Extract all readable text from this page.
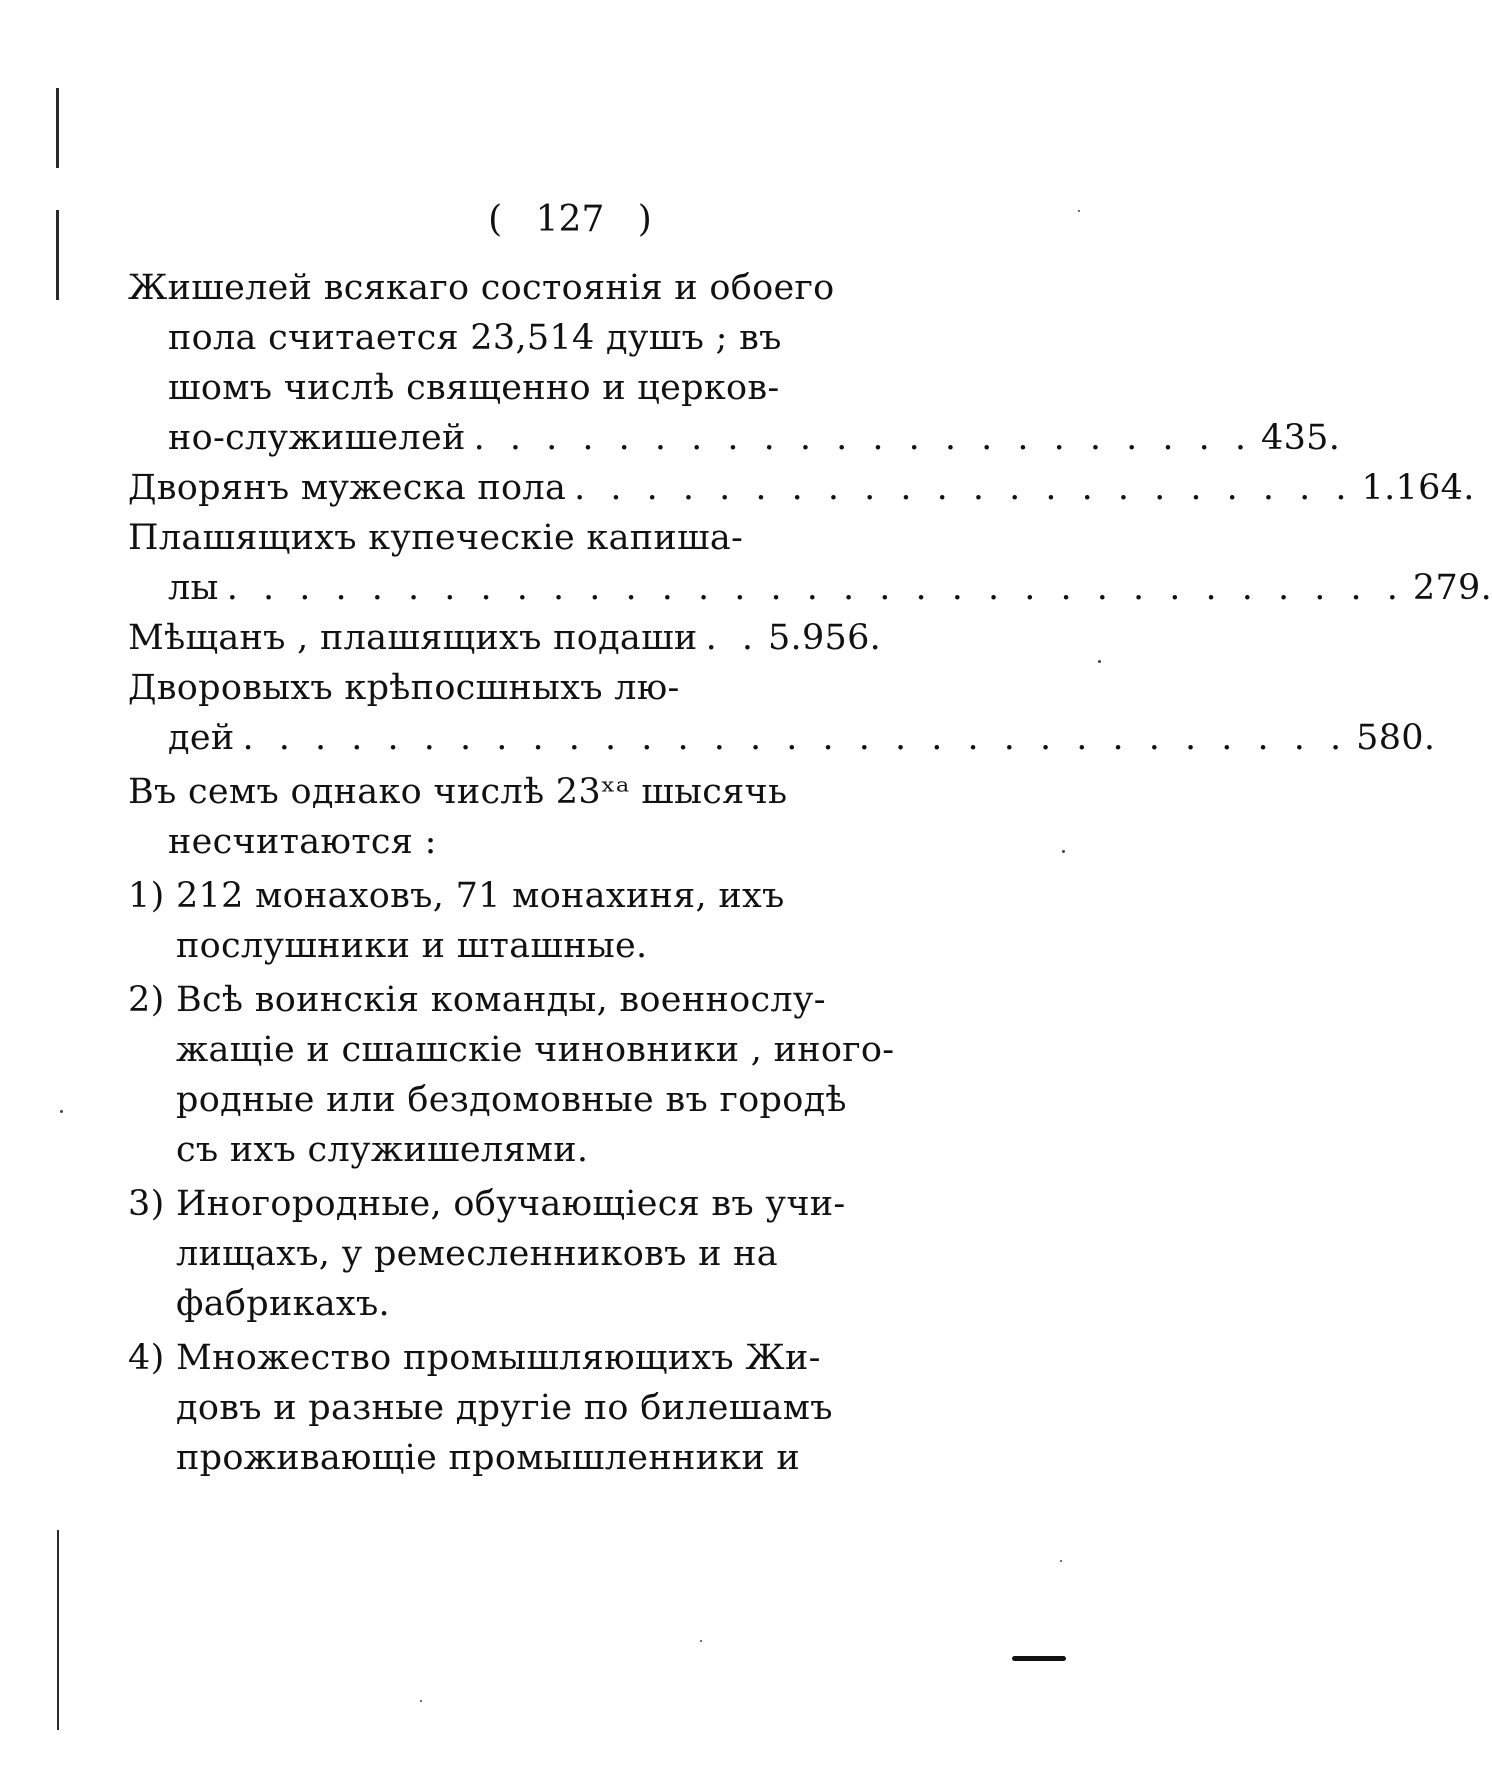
( 127 )
Жишелей всякаго состоянія и обоего
пола считается 23,514 душъ ; въ
шомъ числѣ священно и церков-
но-служишелей . . . . . . . . . . . . . . . . . . . . . . 435.
Дворянъ мужеска пола . . . . . . . . . . . . . . . . . . . . . . 1.164.
Плашящихъ купеческіе капиша-
лы . . . . . . . . . . . . . . . . . . . . . . . . . . . . . . . . . 279.
Мѣщанъ , плашящихъ подаши . . 5.956.
Дворовыхъ крѣпосшныхъ лю-
дей . . . . . . . . . . . . . . . . . . . . . . . . . . . . . . . 580.
Въ семъ однако числѣ 23ˣᵃ шысячь
несчитаются :
1) 212 монаховъ, 71 монахиня, ихъ
послушники и шташные.
2) Всѣ воинскія команды, военнослу-
жащіе и сшашскіе чиновники , иного-
родные или бездомовные въ городѣ
съ ихъ служишелями.
3) Иногородные, обучающіеся въ учи-
лищахъ, у ремесленниковъ и на
фабрикахъ.
4) Множество промышляющихъ Жи-
довъ и разные другіе по билешамъ
проживающіе промышленники и
